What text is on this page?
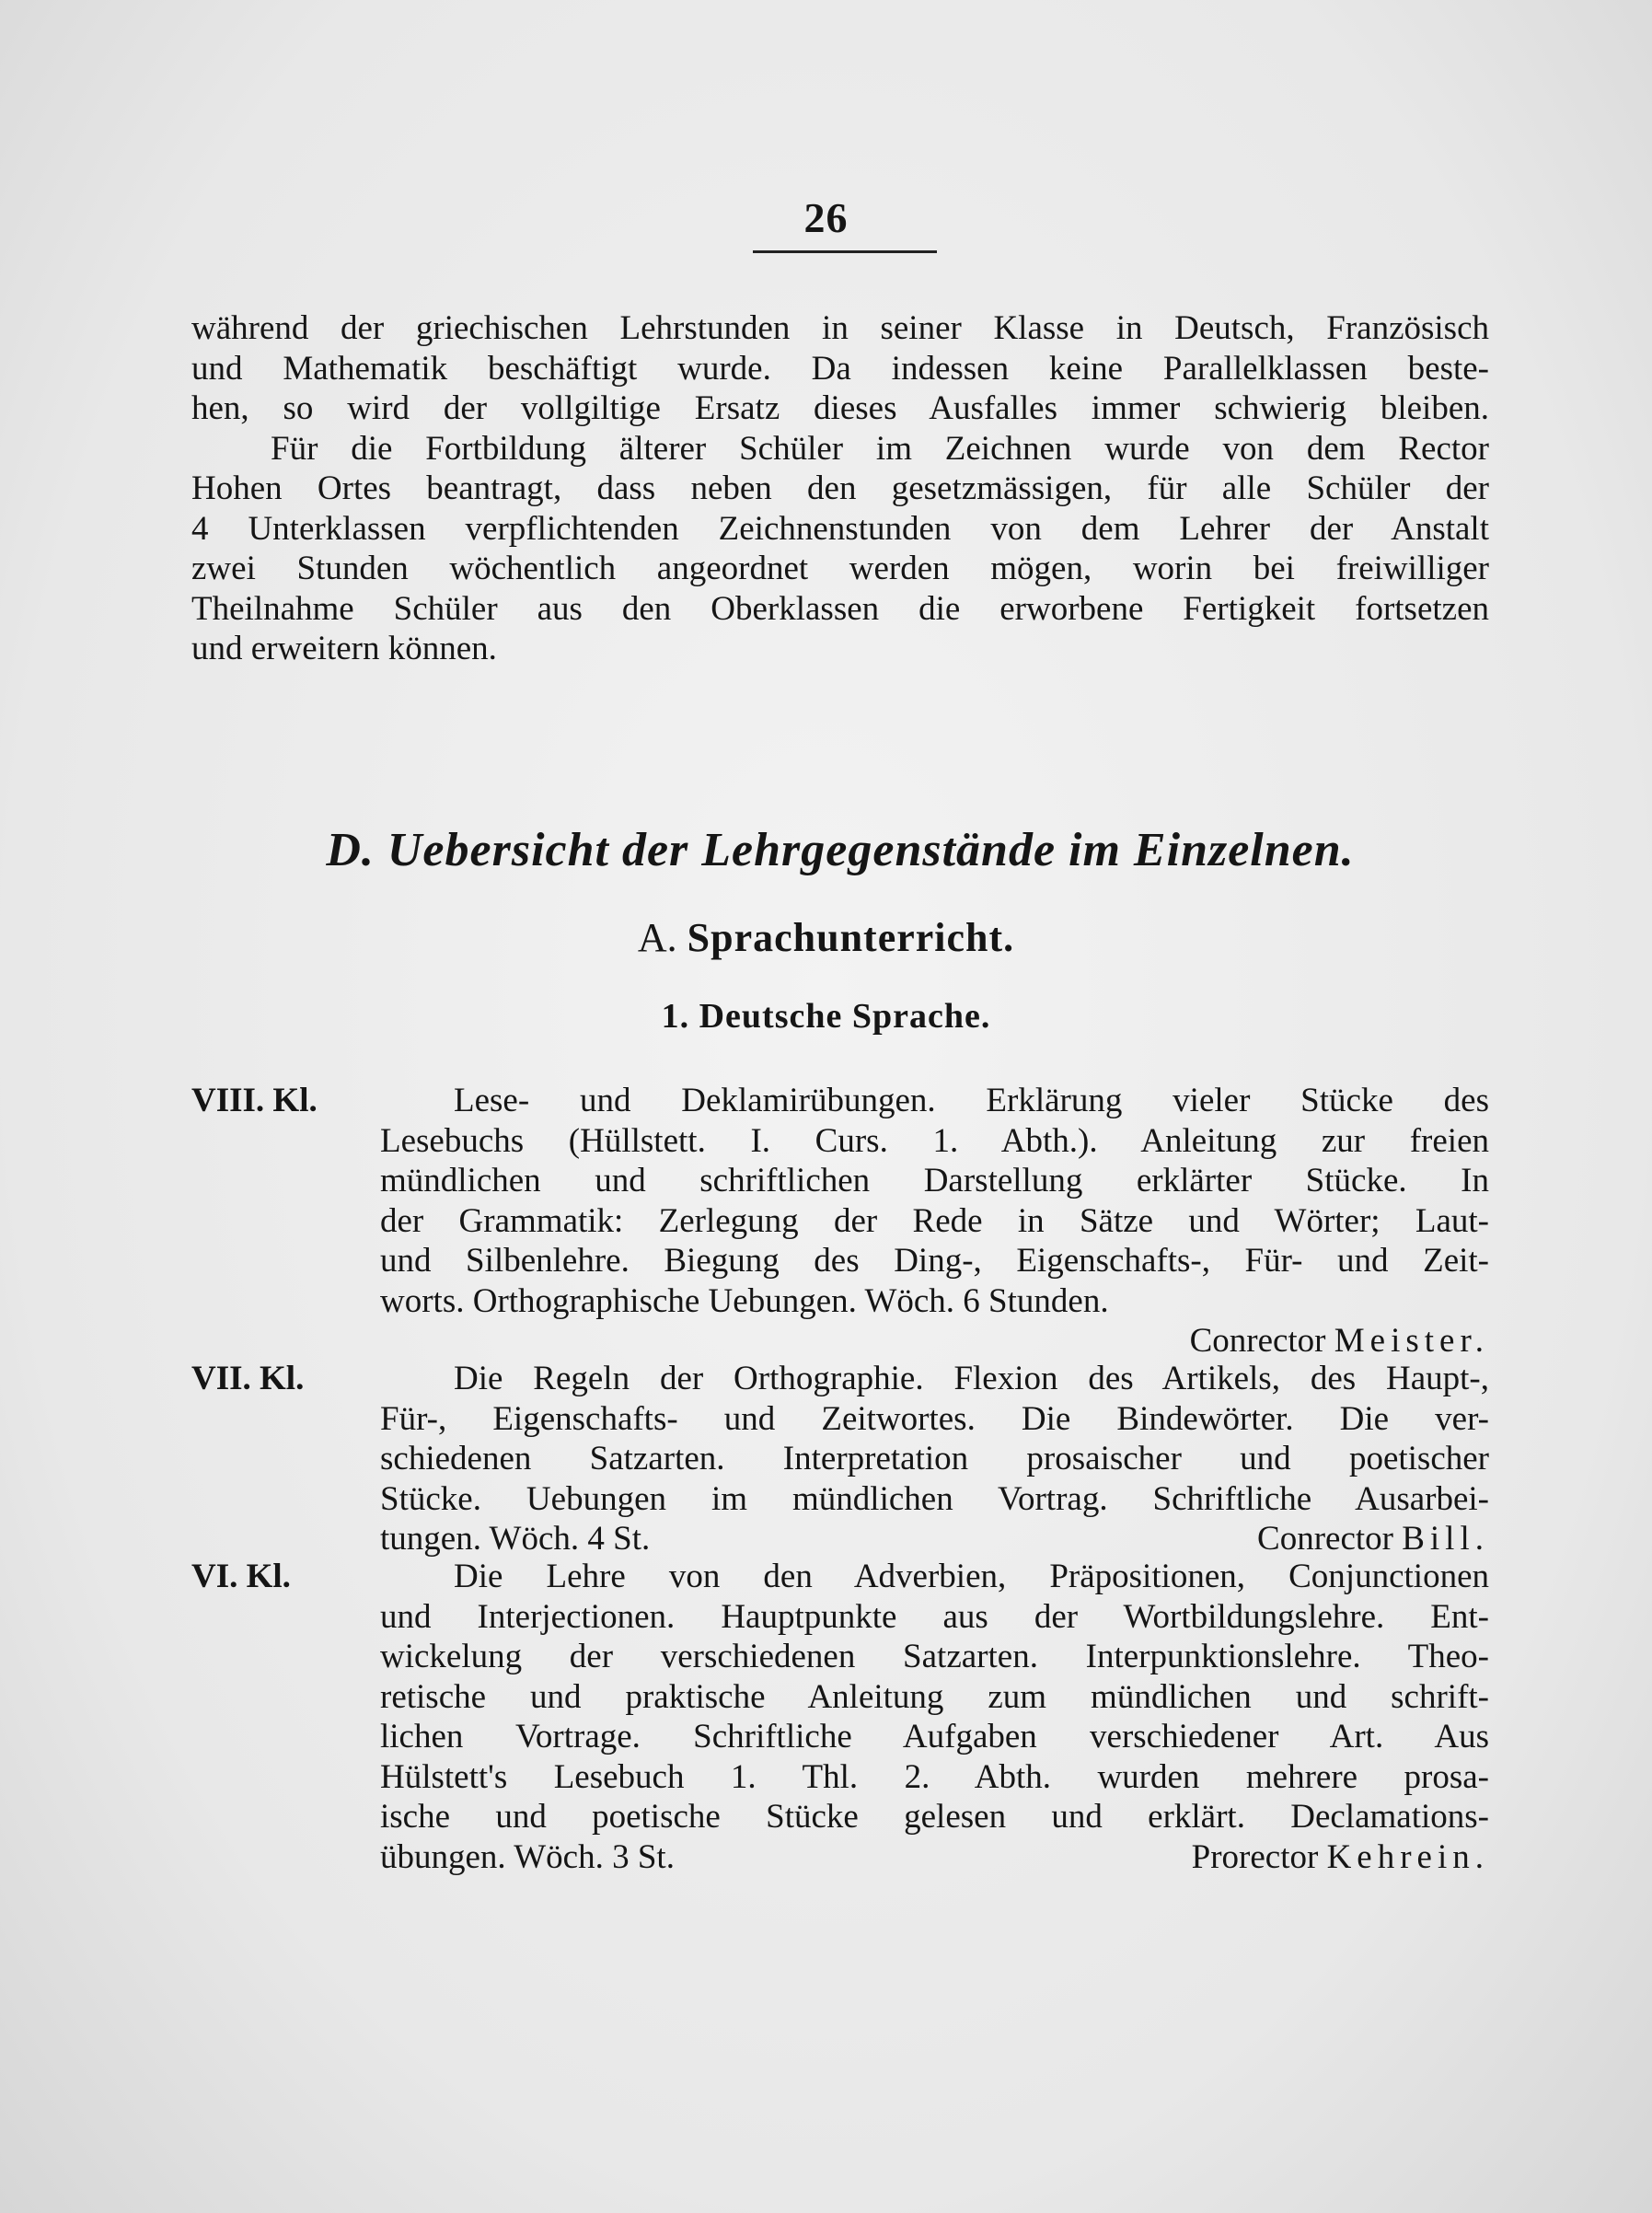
26
während der griechischen Lehrstunden in seiner Klasse in Deutsch, Französisch
und Mathematik beschäftigt wurde. Da indessen keine Parallelklassen beste-
hen, so wird der vollgiltige Ersatz dieses Ausfalles immer schwierig bleiben.
Für die Fortbildung älterer Schüler im Zeichnen wurde von dem Rector
Hohen Ortes beantragt, dass neben den gesetzmässigen, für alle Schüler der
4 Unterklassen verpflichtenden Zeichnenstunden von dem Lehrer der Anstalt
zwei Stunden wöchentlich angeordnet werden mögen, worin bei freiwilliger
Theilnahme Schüler aus den Oberklassen die erworbene Fertigkeit fortsetzen
und erweitern können.
D. Uebersicht der Lehrgegenstände im Einzelnen.
A. Sprachunterricht.
1. Deutsche Sprache.
VIII. Kl.	Lese- und Deklamirübungen. Erklärung vieler Stücke des
Lesebuchs (Hüllstett. I. Curs. 1. Abth.). Anleitung zur freien
mündlichen und schriftlichen Darstellung erklärter Stücke. In
der Grammatik: Zerlegung der Rede in Sätze und Wörter; Laut-
und Silbenlehre. Biegung des Ding-, Eigenschafts-, Für- und Zeit-
worts. Orthographische Uebungen. Wöch. 6 Stunden.
Conrector Meister.
VII. Kl.	Die Regeln der Orthographie. Flexion des Artikels, des Haupt-,
Für-, Eigenschafts- und Zeitwortes. Die Bindewörter. Die ver-
schiedenen Satzarten. Interpretation prosaischer und poetischer
Stücke. Uebungen im mündlichen Vortrag. Schriftliche Ausarbei-
tungen. Wöch. 4 St.	Conrector Bill.
VI. Kl.	Die Lehre von den Adverbien, Präpositionen, Conjunctionen
und Interjectionen. Hauptpunkte aus der Wortbildungslehre. Ent-
wickelung der verschiedenen Satzarten. Interpunktionslehre. Theo-
retische und praktische Anleitung zum mündlichen und schrift-
lichen Vortrage. Schriftliche Aufgaben verschiedener Art. Aus
Hülstett's Lesebuch 1. Thl. 2. Abth. wurden mehrere prosa-
ische und poetische Stücke gelesen und erklärt. Declamations-
übungen. Wöch. 3 St.	Prorector Kehrein.
